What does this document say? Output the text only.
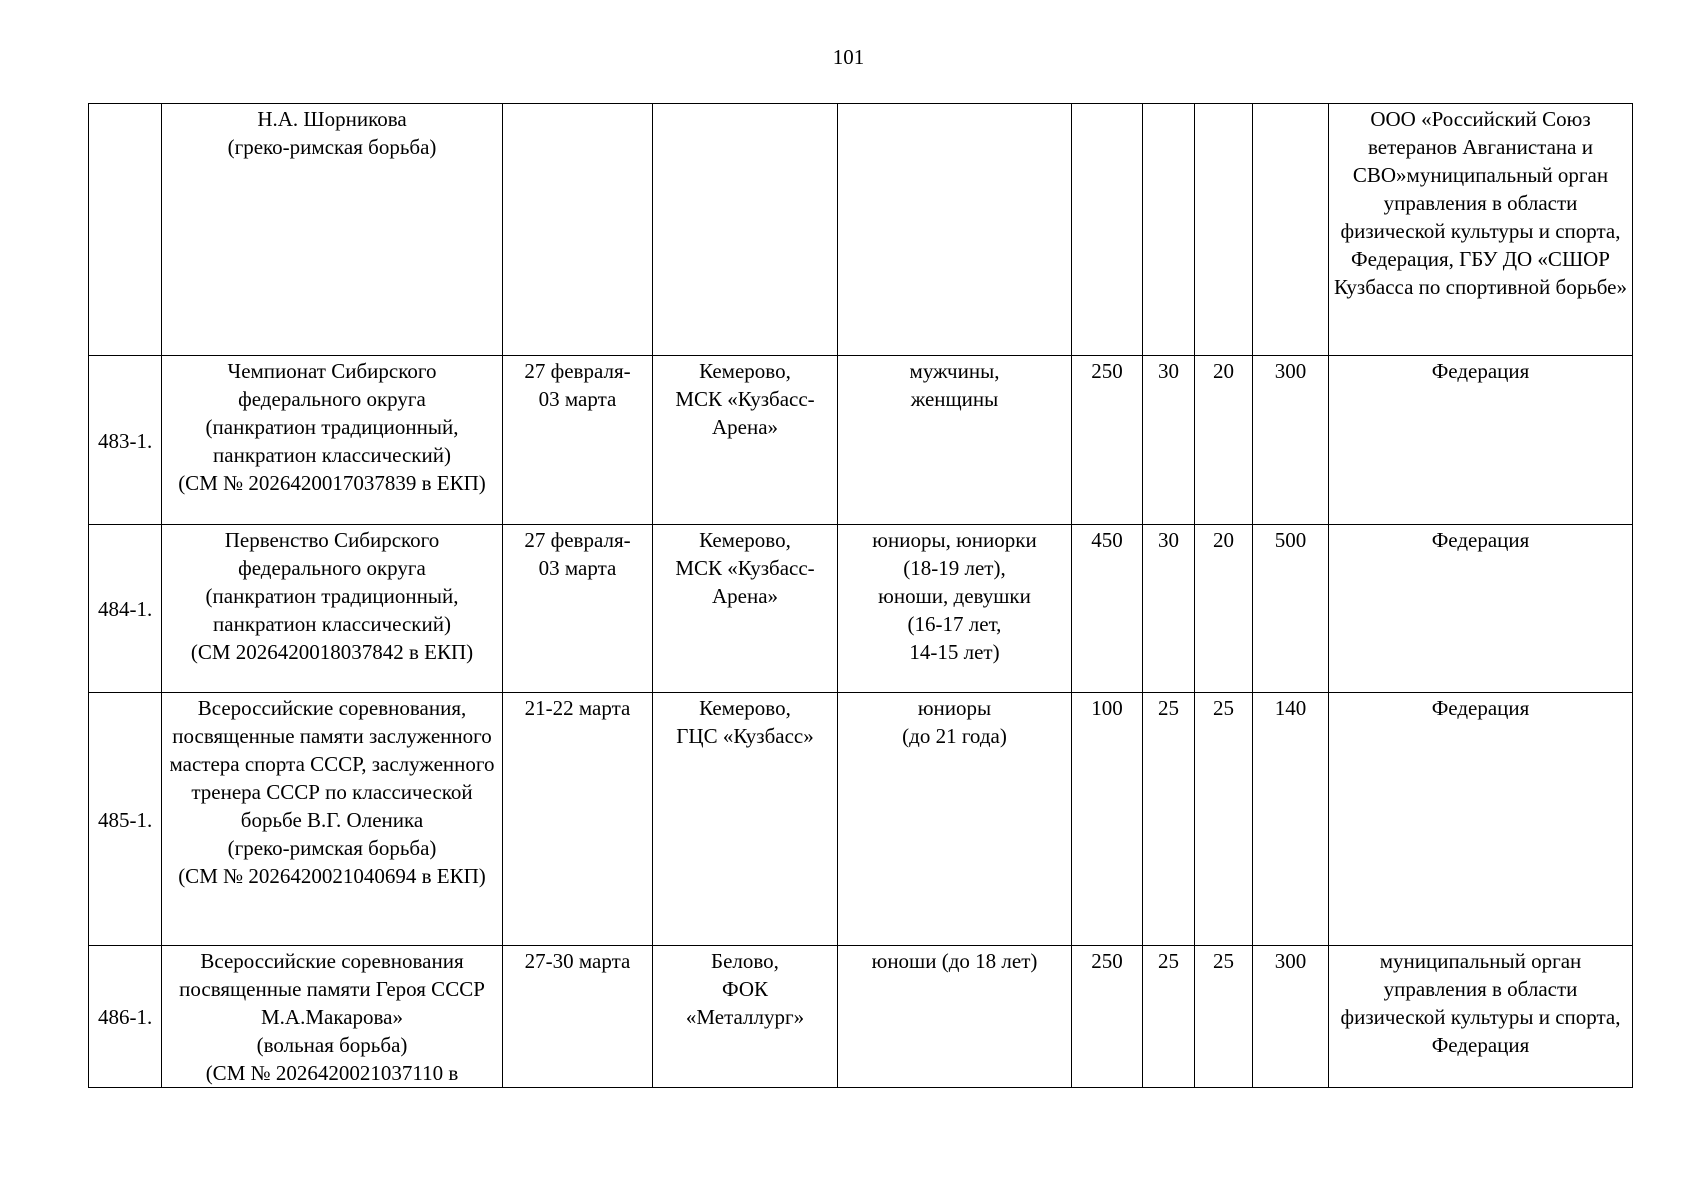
101
	Н.А. Шорникова
(греко-римская борьба)								ООО «Российский Союз ветеранов Авганистана и СВО»муниципальный орган управления в области физической культуры и спорта, Федерация, ГБУ ДО «СШОР Кузбасса по спортивной борьбе»
483-1.	Чемпионат Сибирского федерального округа
(панкратион традиционный, панкратион классический)
(СМ № 2026420017037839 в ЕКП)	27 февраля-
03 марта	Кемерово,
МСК «Кузбасс-Арена»	мужчины,
женщины	250	30	20	300	Федерация
484-1.	Первенство Сибирского федерального округа
(панкратион традиционный, панкратион классический)
(СМ 2026420018037842 в ЕКП)	27 февраля-
03 марта	Кемерово,
МСК «Кузбасс-Арена»	юниоры, юниорки
(18-19 лет),
юноши, девушки
(16-17 лет,
14-15 лет)	450	30	20	500	Федерация
485-1.	Всероссийские соревнования, посвященные памяти заслуженного мастера спорта СССР, заслуженного тренера СССР по классической борьбе В.Г. Оленика
(греко-римская борьба)
(СМ № 2026420021040694 в ЕКП)	21-22 марта	Кемерово,
ГЦС «Кузбасс»	юниоры
(до 21 года)	100	25	25	140	Федерация
486-1.	Всероссийские соревнования посвященные памяти Героя СССР М.А.Макарова»
(вольная борьба)
(СМ № 2026420021037110 в	27-30 марта	Белово,
ФОК
«Металлург»	юноши (до 18 лет)	250	25	25	300	муниципальный орган управления в области физической культуры и спорта, Федерация
